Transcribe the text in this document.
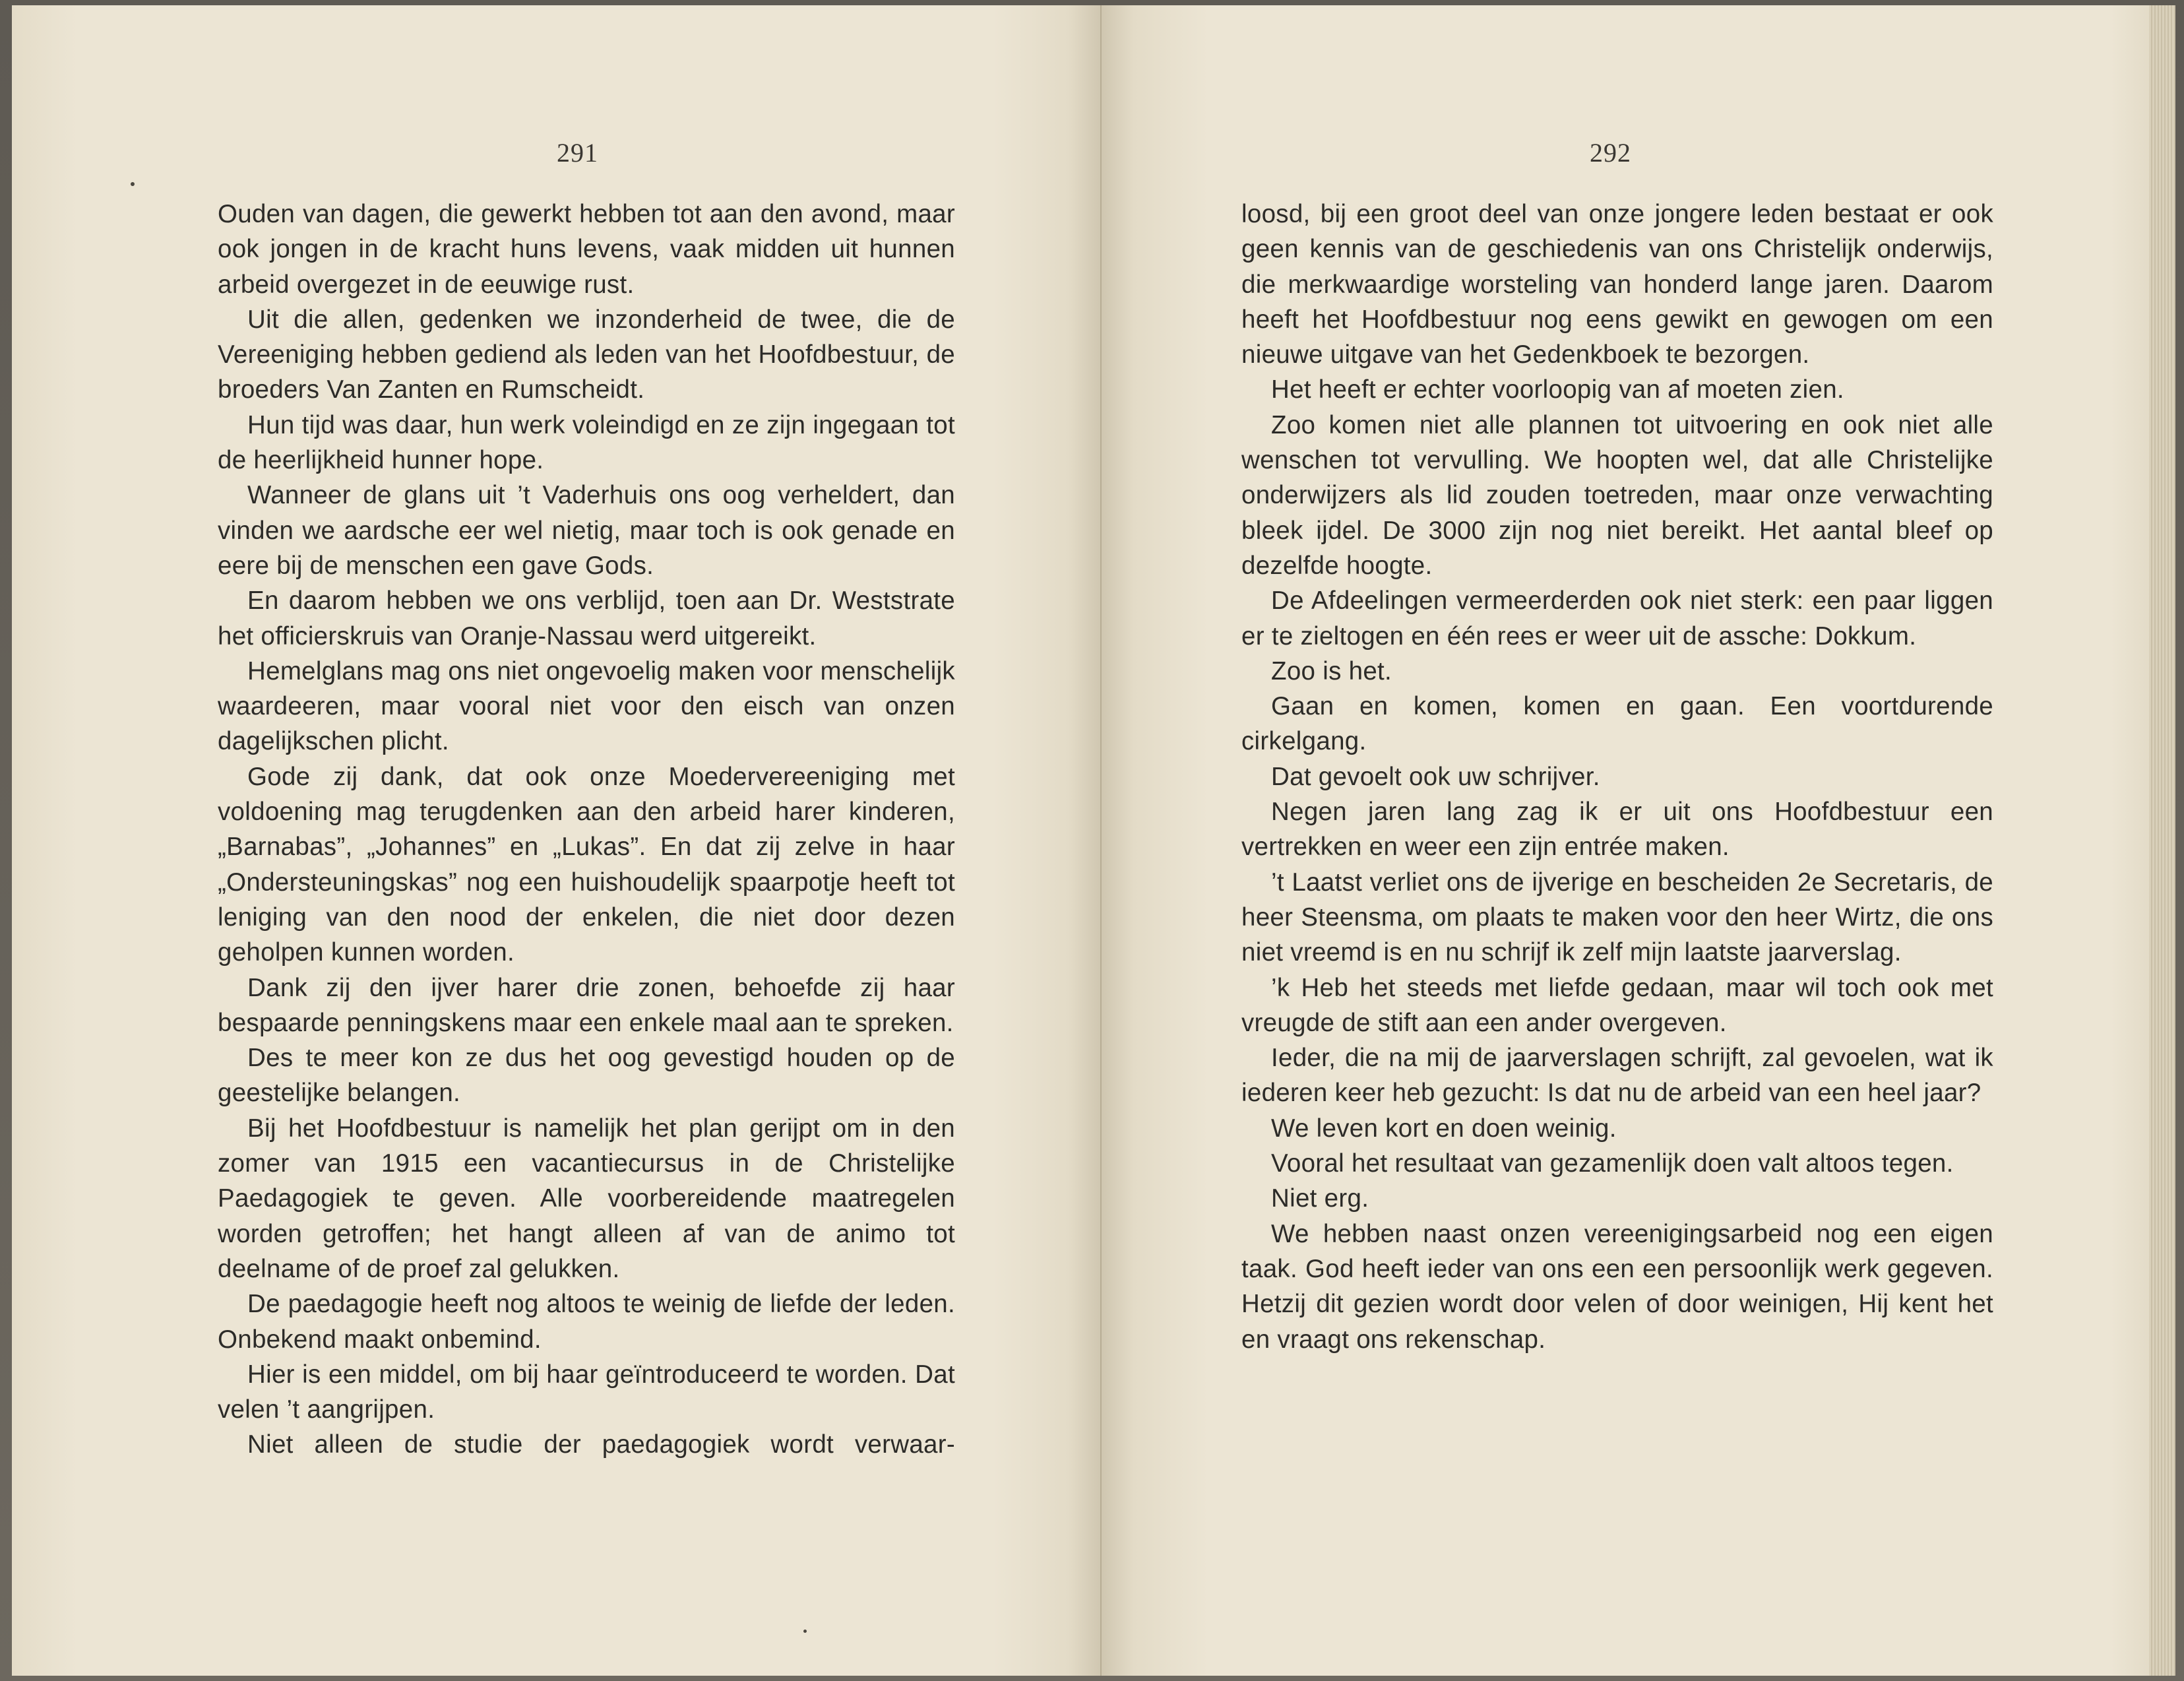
291

Ouden van dagen, die gewerkt hebben tot aan den avond, maar ook jongen in de kracht huns levens, vaak midden uit hunnen arbeid overgezet in de eeuwige rust.

Uit die allen, gedenken we inzonderheid de twee, die de Vereeniging hebben gediend als leden van het Hoofdbestuur, de broeders Van Zanten en Rumscheidt.

Hun tijd was daar, hun werk voleindigd en ze zijn ingegaan tot de heerlijkheid hunner hope.

Wanneer de glans uit ’t Vaderhuis ons oog verheldert, dan vinden we aardsche eer wel nietig, maar toch is ook genade en eere bij de menschen een gave Gods.

En daarom hebben we ons verblijd, toen aan Dr. Weststrate het officierskruis van Oranje-Nassau werd uitgereikt.

Hemelglans mag ons niet ongevoelig maken voor menschelijk waardeeren, maar vooral niet voor den eisch van onzen dagelijkschen plicht.

Gode zij dank, dat ook onze Moedervereeniging met voldoening mag terugdenken aan den arbeid harer kinderen, „Barnabas”, „Johannes” en „Lukas”. En dat zij zelve in haar „Ondersteuningskas” nog een huishoudelijk spaarpotje heeft tot leniging van den nood der enkelen, die niet door dezen geholpen kunnen worden.

Dank zij den ijver harer drie zonen, behoefde zij haar bespaarde penningskens maar een enkele maal aan te spreken.

Des te meer kon ze dus het oog gevestigd houden op de geestelijke belangen.

Bij het Hoofdbestuur is namelijk het plan gerijpt om in den zomer van 1915 een vacantiecursus in de Christelijke Paedagogiek te geven. Alle voorbereidende maatregelen worden getroffen; het hangt alleen af van de animo tot deelname of de proef zal gelukken.

De paedagogie heeft nog altoos te weinig de liefde der leden. Onbekend maakt onbemind.

Hier is een middel, om bij haar geïntroduceerd te worden. Dat velen ’t aangrijpen.

Niet alleen de studie der paedagogiek wordt verwaar-

292

loosd, bij een groot deel van onze jongere leden bestaat er ook geen kennis van de geschiedenis van ons Christelijk onderwijs, die merkwaardige worsteling van honderd lange jaren. Daarom heeft het Hoofdbestuur nog eens gewikt en gewogen om een nieuwe uitgave van het Gedenkboek te bezorgen.

Het heeft er echter voorloopig van af moeten zien.

Zoo komen niet alle plannen tot uitvoering en ook niet alle wenschen tot vervulling. We hoopten wel, dat alle Christelijke onderwijzers als lid zouden toetreden, maar onze verwachting bleek ijdel. De 3000 zijn nog niet bereikt. Het aantal bleef op dezelfde hoogte.

De Afdeelingen vermeerderden ook niet sterk: een paar liggen er te zieltogen en één rees er weer uit de assche: Dokkum.

Zoo is het.

Gaan en komen, komen en gaan. Een voortdurende cirkelgang.

Dat gevoelt ook uw schrijver.

Negen jaren lang zag ik er uit ons Hoofdbestuur een vertrekken en weer een zijn entrée maken.

’t Laatst verliet ons de ijverige en bescheiden 2e Secretaris, de heer Steensma, om plaats te maken voor den heer Wirtz, die ons niet vreemd is en nu schrijf ik zelf mijn laatste jaarverslag.

’k Heb het steeds met liefde gedaan, maar wil toch ook met vreugde de stift aan een ander overgeven.

Ieder, die na mij de jaarverslagen schrijft, zal gevoelen, wat ik iederen keer heb gezucht: Is dat nu de arbeid van een heel jaar?

We leven kort en doen weinig.

Vooral het resultaat van gezamenlijk doen valt altoos tegen.

Niet erg.

We hebben naast onzen vereenigingsarbeid nog een eigen taak. God heeft ieder van ons een een persoonlijk werk gegeven. Hetzij dit gezien wordt door velen of door weinigen, Hij kent het en vraagt ons rekenschap.
